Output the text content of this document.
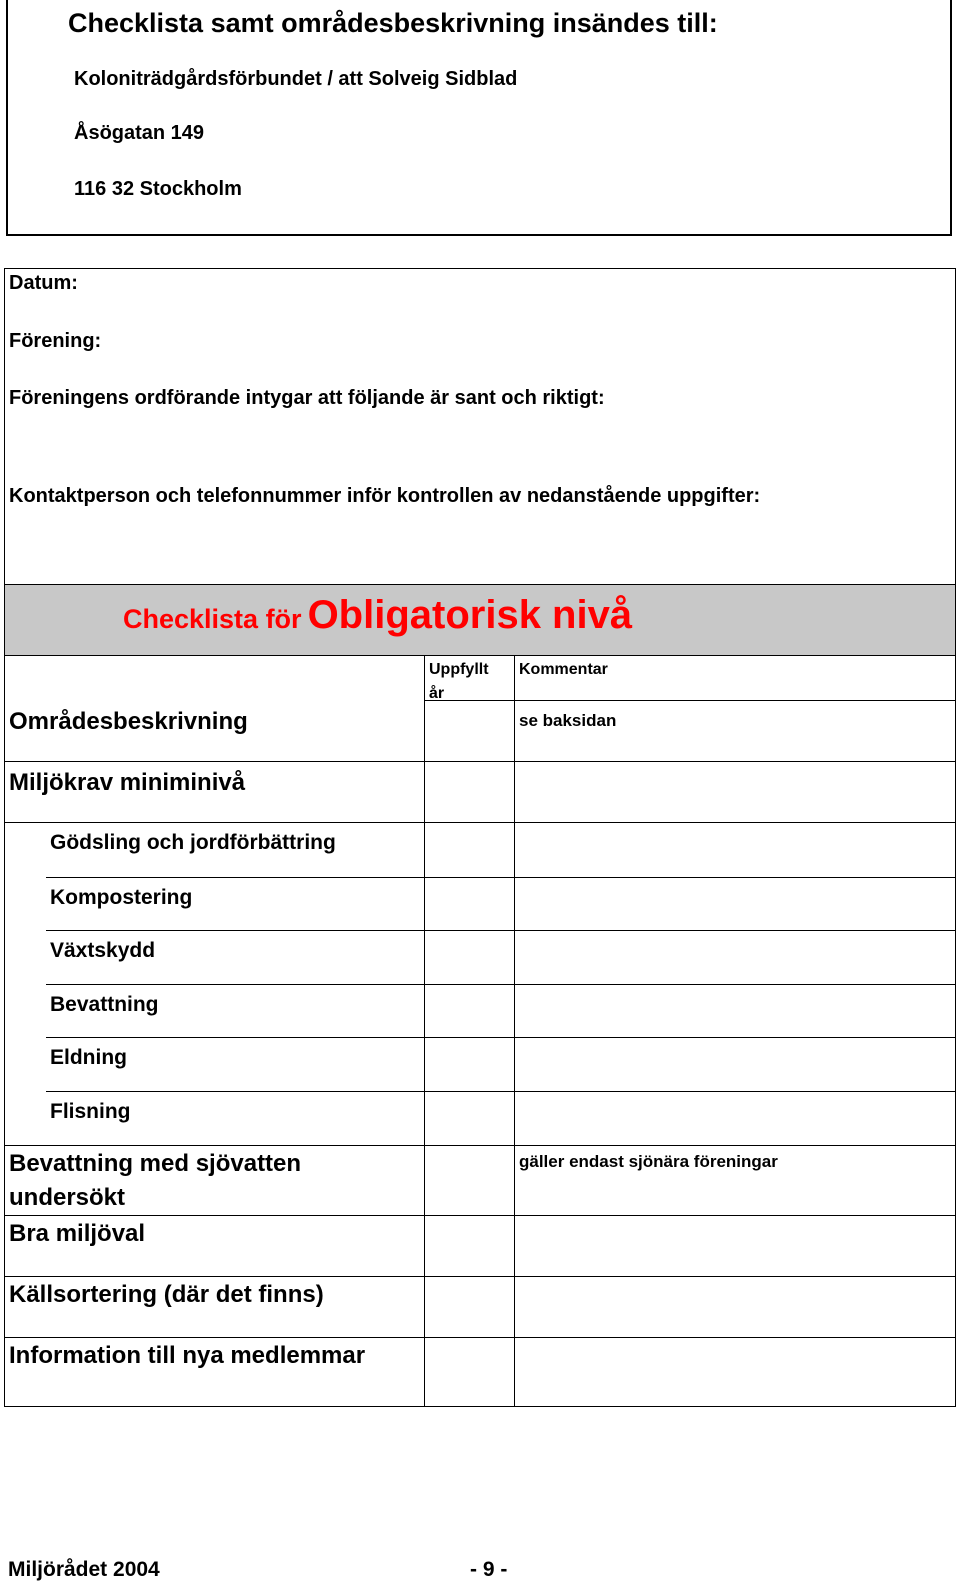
Checklista samt områdesbeskrivning insändes till:
Koloniträdgårdsförbundet / att Solveig Sidblad
Åsögatan 149
116 32 Stockholm
Datum:
Förening:
Föreningens ordförande intygar att följande är sant och riktigt:
Kontaktperson och telefonnummer inför kontrollen av nedanstående uppgifter:
Checklista för Obligatorisk nivå
Uppfyllt
år
Kommentar
Områdesbeskrivning	se baksidan
Miljökrav miniminivå
Gödsling och jordförbättring
Kompostering
Växtskydd
Bevattning
Eldning
Flisning
Bevattning med sjövatten
undersökt
gäller endast sjönära föreningar
Bra miljöval
Källsortering (där det finns)
Information till nya medlemmar
Miljörådet 2004	- 9 -
